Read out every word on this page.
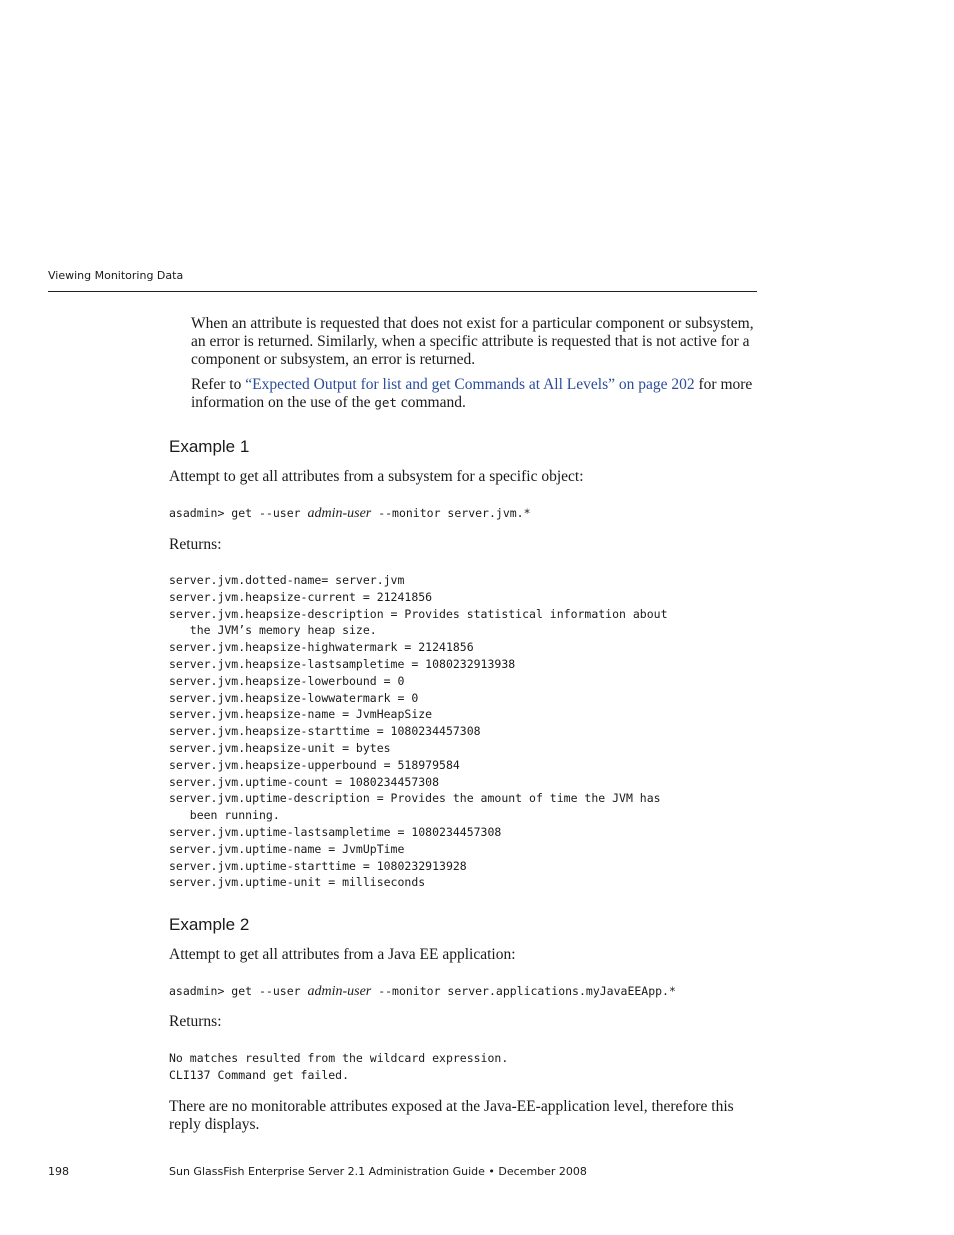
Viewing Monitoring Data

When an attribute is requested that does not exist for a particular component or subsystem, an error is returned. Similarly, when a specific attribute is requested that is not active for a component or subsystem, an error is returned.

Refer to “Expected Output for list and get Commands at All Levels” on page 202 for more information on the use of the get command.

Example 1

Attempt to get all attributes from a subsystem for a specific object:

asadmin> get --user admin-user --monitor server.jvm.*

Returns:

server.jvm.dotted-name= server.jvm
server.jvm.heapsize-current = 21241856
server.jvm.heapsize-description = Provides statistical information about
the JVM’s memory heap size.
server.jvm.heapsize-highwatermark = 21241856
server.jvm.heapsize-lastsampletime = 1080232913938
server.jvm.heapsize-lowerbound = 0
server.jvm.heapsize-lowwatermark = 0
server.jvm.heapsize-name = JvmHeapSize
server.jvm.heapsize-starttime = 1080234457308
server.jvm.heapsize-unit = bytes
server.jvm.heapsize-upperbound = 518979584
server.jvm.uptime-count = 1080234457308
server.jvm.uptime-description = Provides the amount of time the JVM has
been running.
server.jvm.uptime-lastsampletime = 1080234457308
server.jvm.uptime-name = JvmUpTime
server.jvm.uptime-starttime = 1080232913928
server.jvm.uptime-unit = milliseconds
Example 2

Attempt to get all attributes from a Java EE application:

asadmin> get --user admin-user --monitor server.applications.myJavaEEApp.*

Returns:

No matches resulted from the wildcard expression.
CLI137 Command get failed.

There are no monitorable attributes exposed at the Java-EE-application level, therefore this reply displays.

198	Sun GlassFish Enterprise Server 2.1 Administration Guide • December 2008
